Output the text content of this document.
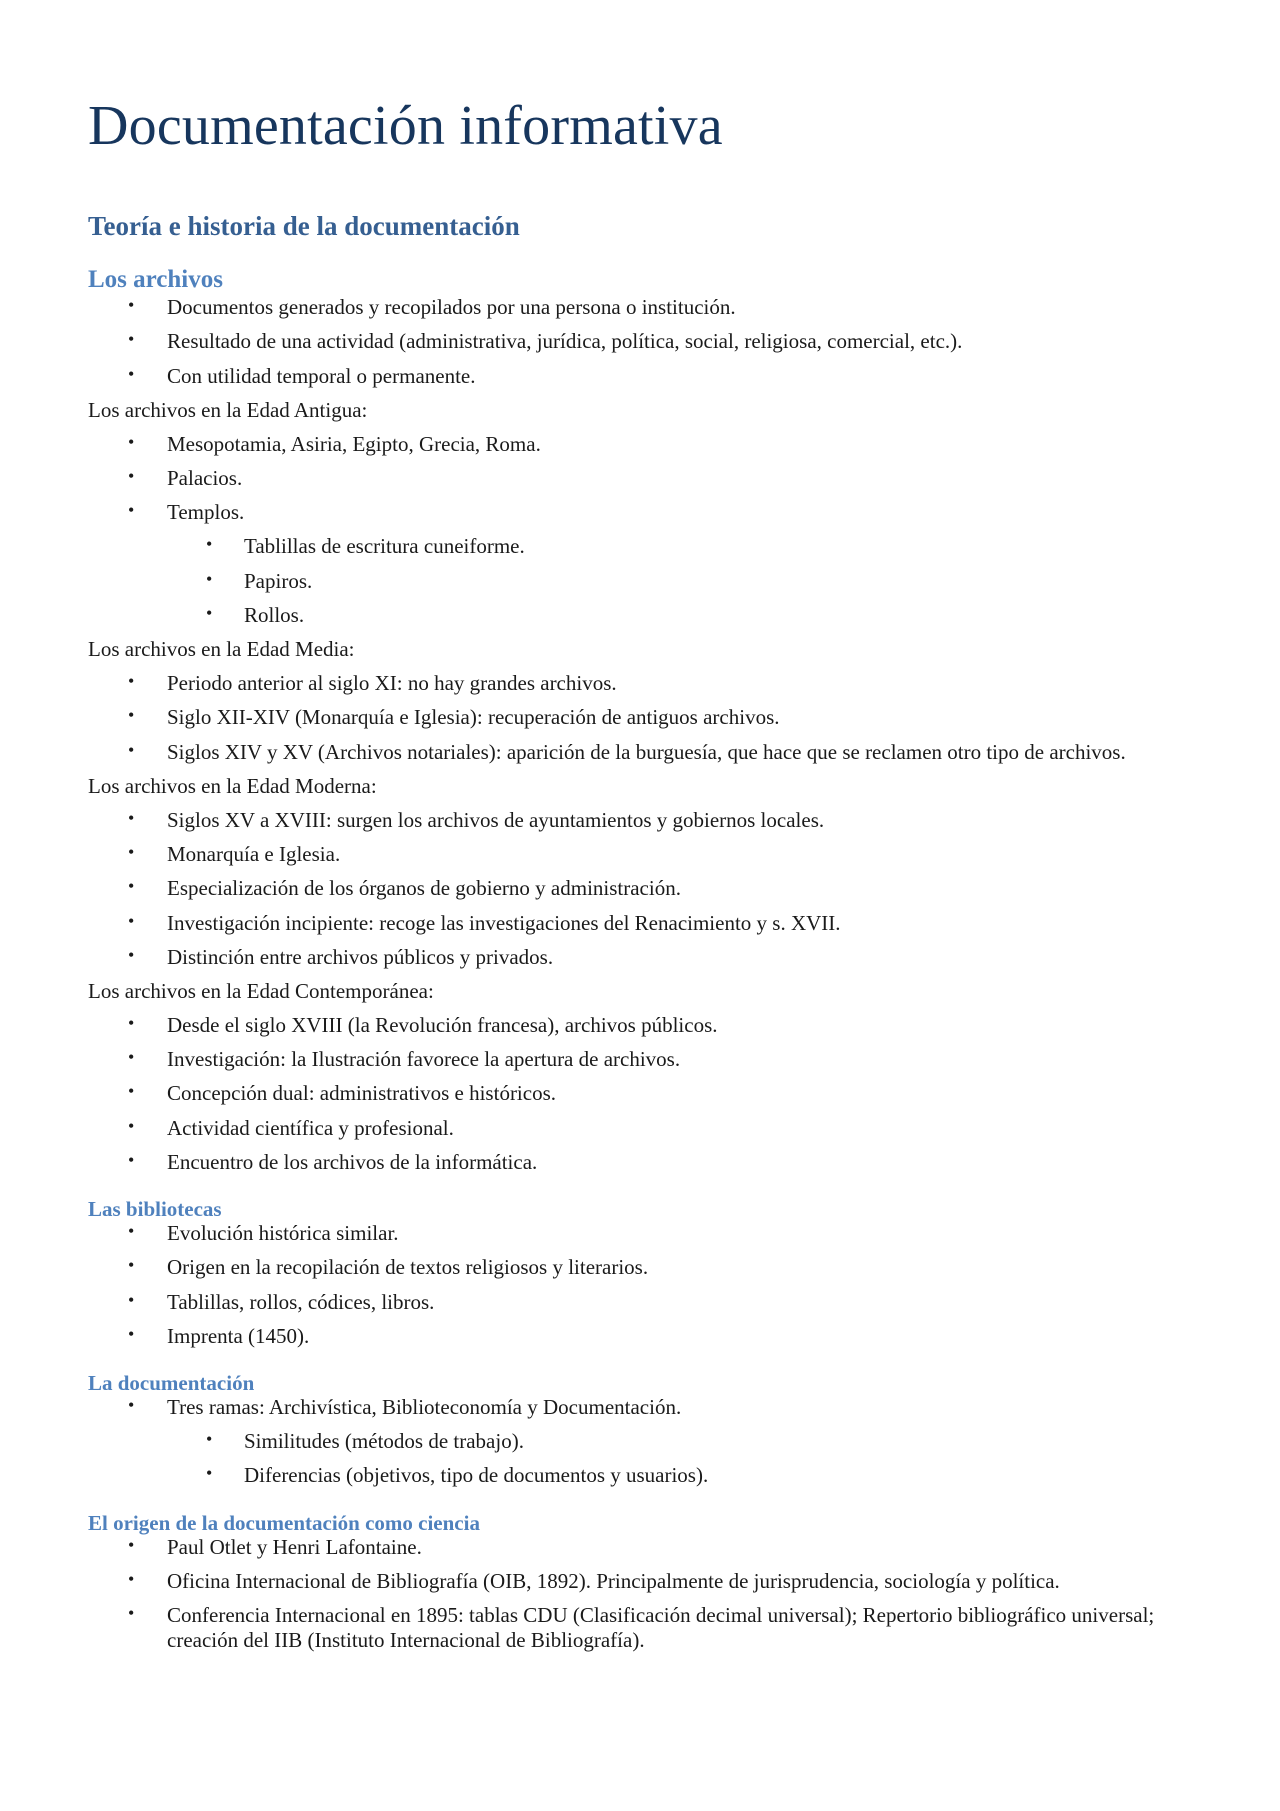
Documentación informativa
Teoría e historia de la documentación
Los archivos
• Documentos generados y recopilados por una persona o institución.
• Resultado de una actividad (administrativa, jurídica, política, social, religiosa, comercial, etc.).
• Con utilidad temporal o permanente.
Los archivos en la Edad Antigua:
• Mesopotamia, Asiria, Egipto, Grecia, Roma.
• Palacios.
• Templos.
• Tablillas de escritura cuneiforme.
• Papiros.
• Rollos.
Los archivos en la Edad Media:
• Periodo anterior al siglo XI: no hay grandes archivos.
• Siglo XII-XIV (Monarquía e Iglesia): recuperación de antiguos archivos.
• Siglos XIV y XV (Archivos notariales): aparición de la burguesía, que hace que se reclamen otro tipo de archivos.
Los archivos en la Edad Moderna:
• Siglos XV a XVIII: surgen los archivos de ayuntamientos y gobiernos locales.
• Monarquía e Iglesia.
• Especialización de los órganos de gobierno y administración.
• Investigación incipiente: recoge las investigaciones del Renacimiento y s. XVII.
• Distinción entre archivos públicos y privados.
Los archivos en la Edad Contemporánea:
• Desde el siglo XVIII (la Revolución francesa), archivos públicos.
• Investigación: la Ilustración favorece la apertura de archivos.
• Concepción dual: administrativos e históricos.
• Actividad científica y profesional.
• Encuentro de los archivos de la informática.
Las bibliotecas
• Evolución histórica similar.
• Origen en la recopilación de textos religiosos y literarios.
• Tablillas, rollos, códices, libros.
• Imprenta (1450).
La documentación
• Tres ramas: Archivística, Biblioteconomía y Documentación.
• Similitudes (métodos de trabajo).
• Diferencias (objetivos, tipo de documentos y usuarios).
El origen de la documentación como ciencia
• Paul Otlet y Henri Lafontaine.
• Oficina Internacional de Bibliografía (OIB, 1892). Principalmente de jurisprudencia, sociología y política.
• Conferencia Internacional en 1895: tablas CDU (Clasificación decimal universal); Repertorio bibliográfico universal; creación del IIB (Instituto Internacional de Bibliografía).
